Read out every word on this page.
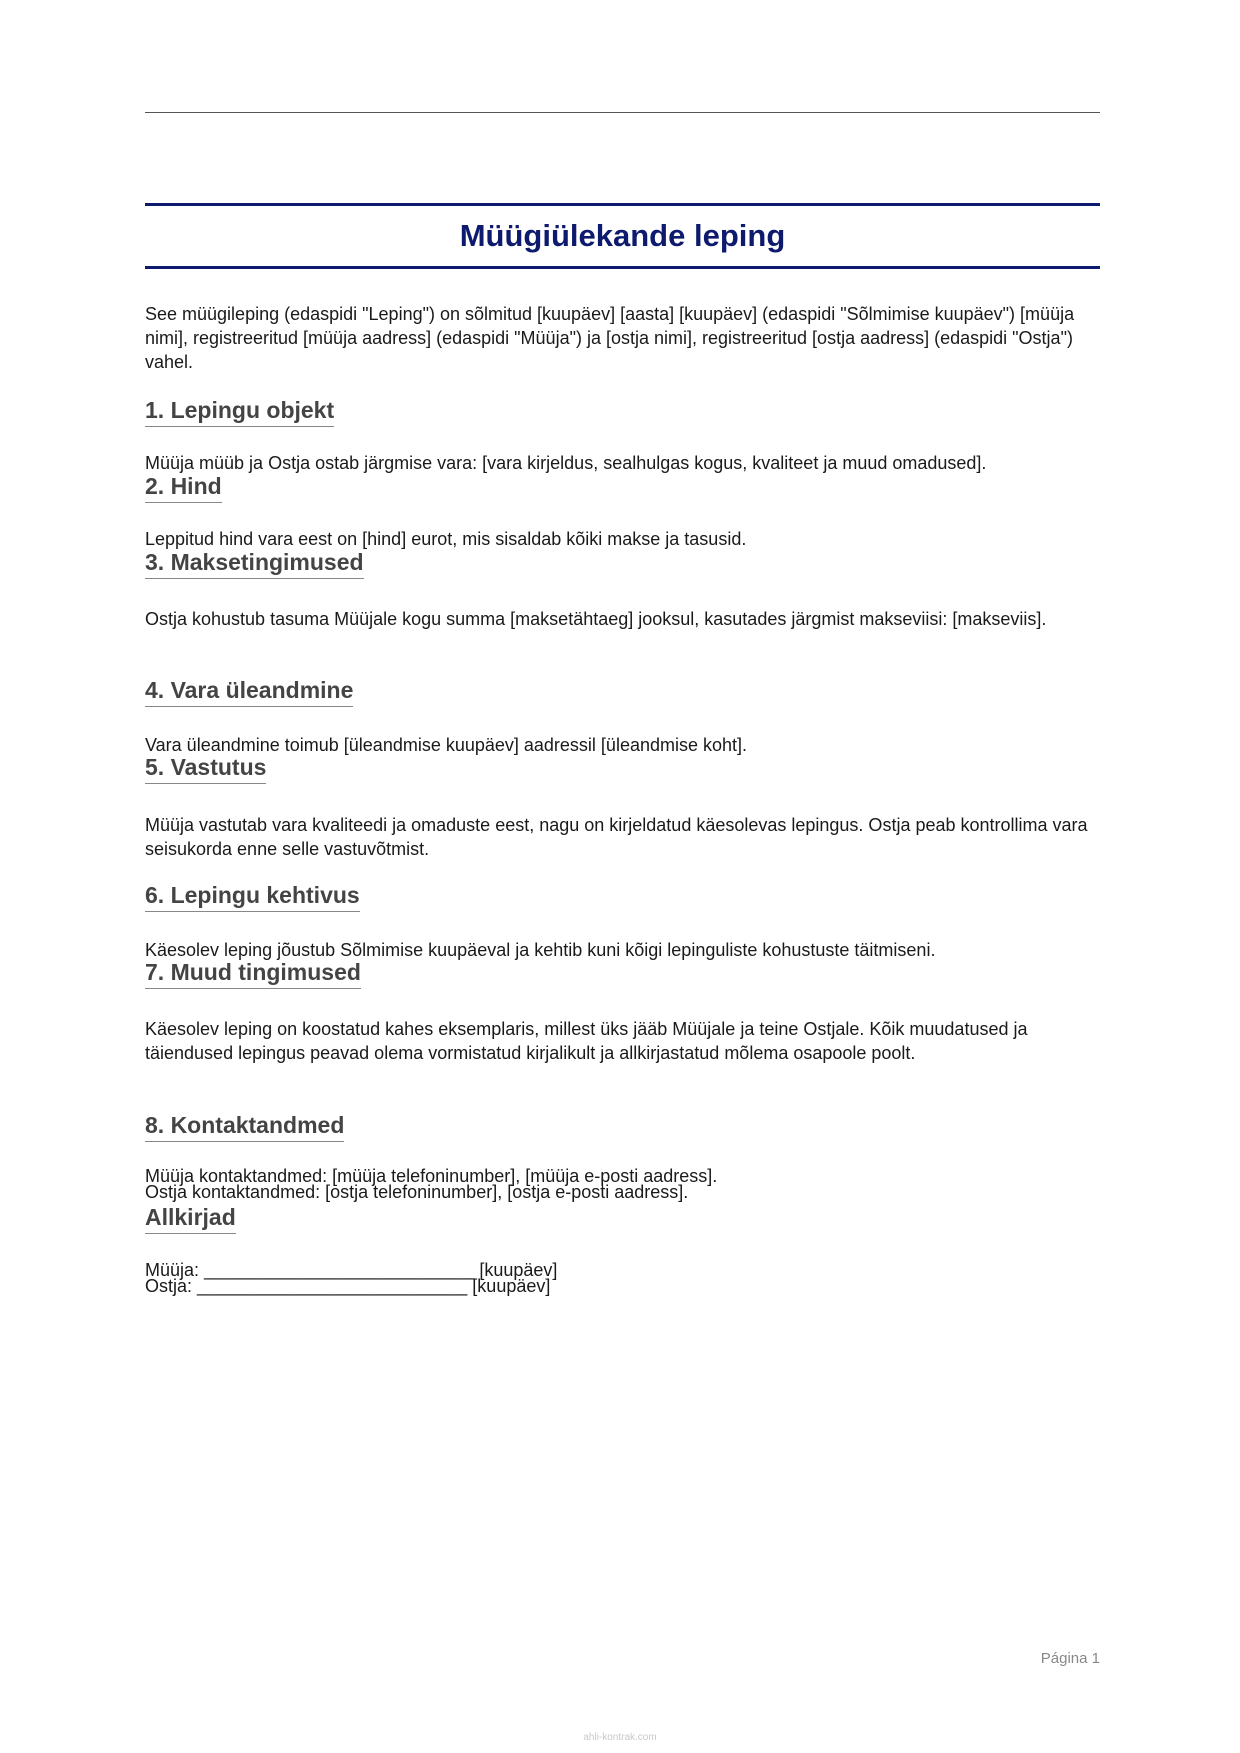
Müügiülekande leping
See müügileping (edaspidi "Leping") on sõlmitud [kuupäev] [aasta] [kuupäev] (edaspidi "Sõlmimise kuupäev") [müüja nimi], registreeritud [müüja aadress] (edaspidi "Müüja") ja [ostja nimi], registreeritud [ostja aadress] (edaspidi "Ostja") vahel.
1. Lepingu objekt
Müüja müüb ja Ostja ostab järgmise vara: [vara kirjeldus, sealhulgas kogus, kvaliteet ja muud omadused].
2. Hind
Leppitud hind vara eest on [hind] eurot, mis sisaldab kõiki makse ja tasusid.
3. Maksetingimused
Ostja kohustub tasuma Müüjale kogu summa [maksetähtaeg] jooksul, kasutades järgmist makseviisi: [makseviis].
4. Vara üleandmine
Vara üleandmine toimub [üleandmise kuupäev] aadressil [üleandmise koht].
5. Vastutus
Müüja vastutab vara kvaliteedi ja omaduste eest, nagu on kirjeldatud käesolevas lepingus. Ostja peab kontrollima vara seisukorda enne selle vastuvõtmist.
6. Lepingu kehtivus
Käesolev leping jõustub Sõlmimise kuupäeval ja kehtib kuni kõigi lepinguliste kohustuste täitmiseni.
7. Muud tingimused
Käesolev leping on koostatud kahes eksemplaris, millest üks jääb Müüjale ja teine Ostjale. Kõik muudatused ja täiendused lepingus peavad olema vormistatud kirjalikult ja allkirjastatud mõlema osapoole poolt.
8. Kontaktandmed
Müüja kontaktandmed: [müüja telefoninumber], [müüja e-posti aadress].
Ostja kontaktandmed: [ostja telefoninumber], [ostja e-posti aadress].
Allkirjad
Müüja: ___________________________ [kuupäev]
Ostja: ___________________________ [kuupäev]
Página 1
ahli-kontrak.com
